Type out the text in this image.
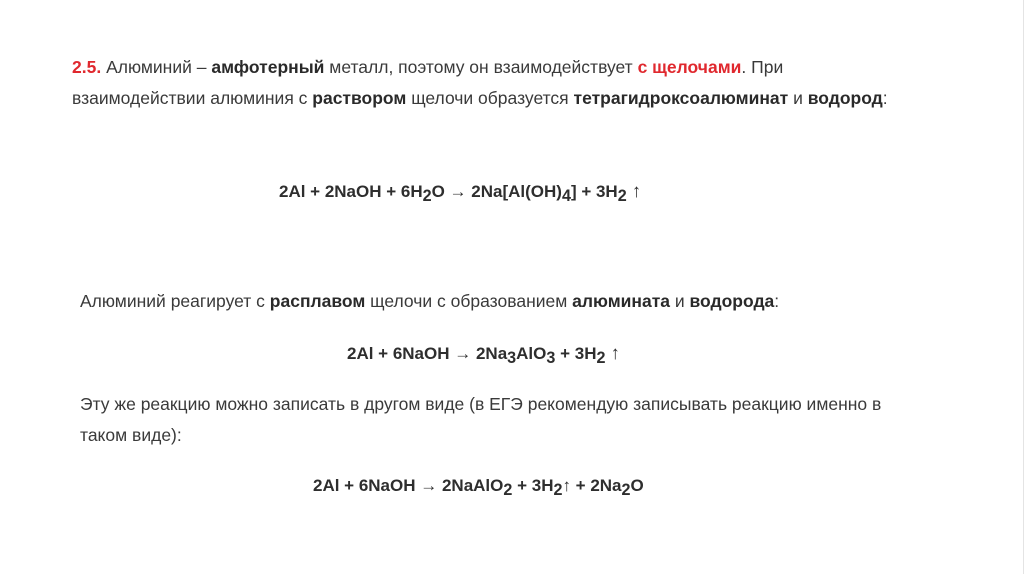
2.5. Алюминий – амфотерный металл, поэтому он взаимодействует с щелочами. При взаимодействии алюминия с раствором щелочи образуется тетрагидроксоалюминат и водород:
2Al + 2NaOH + $6H_2O \to 2Na[Al(OH)_4] + 3H_2$ ↑
Алюминий реагирует с расплавом щелочи с образованием алюмината и водорода:
2Al + 6NaOH → $2Na_3AlO_3 + 3H_2$ ↑
Эту же реакцию можно записать в другом виде (в ЕГЭ рекомендую записывать реакцию именно в таком виде):
2Al + 6NaOH → 2NaAlO$_2$ + $3H_2↑ + 2Na_2O$
